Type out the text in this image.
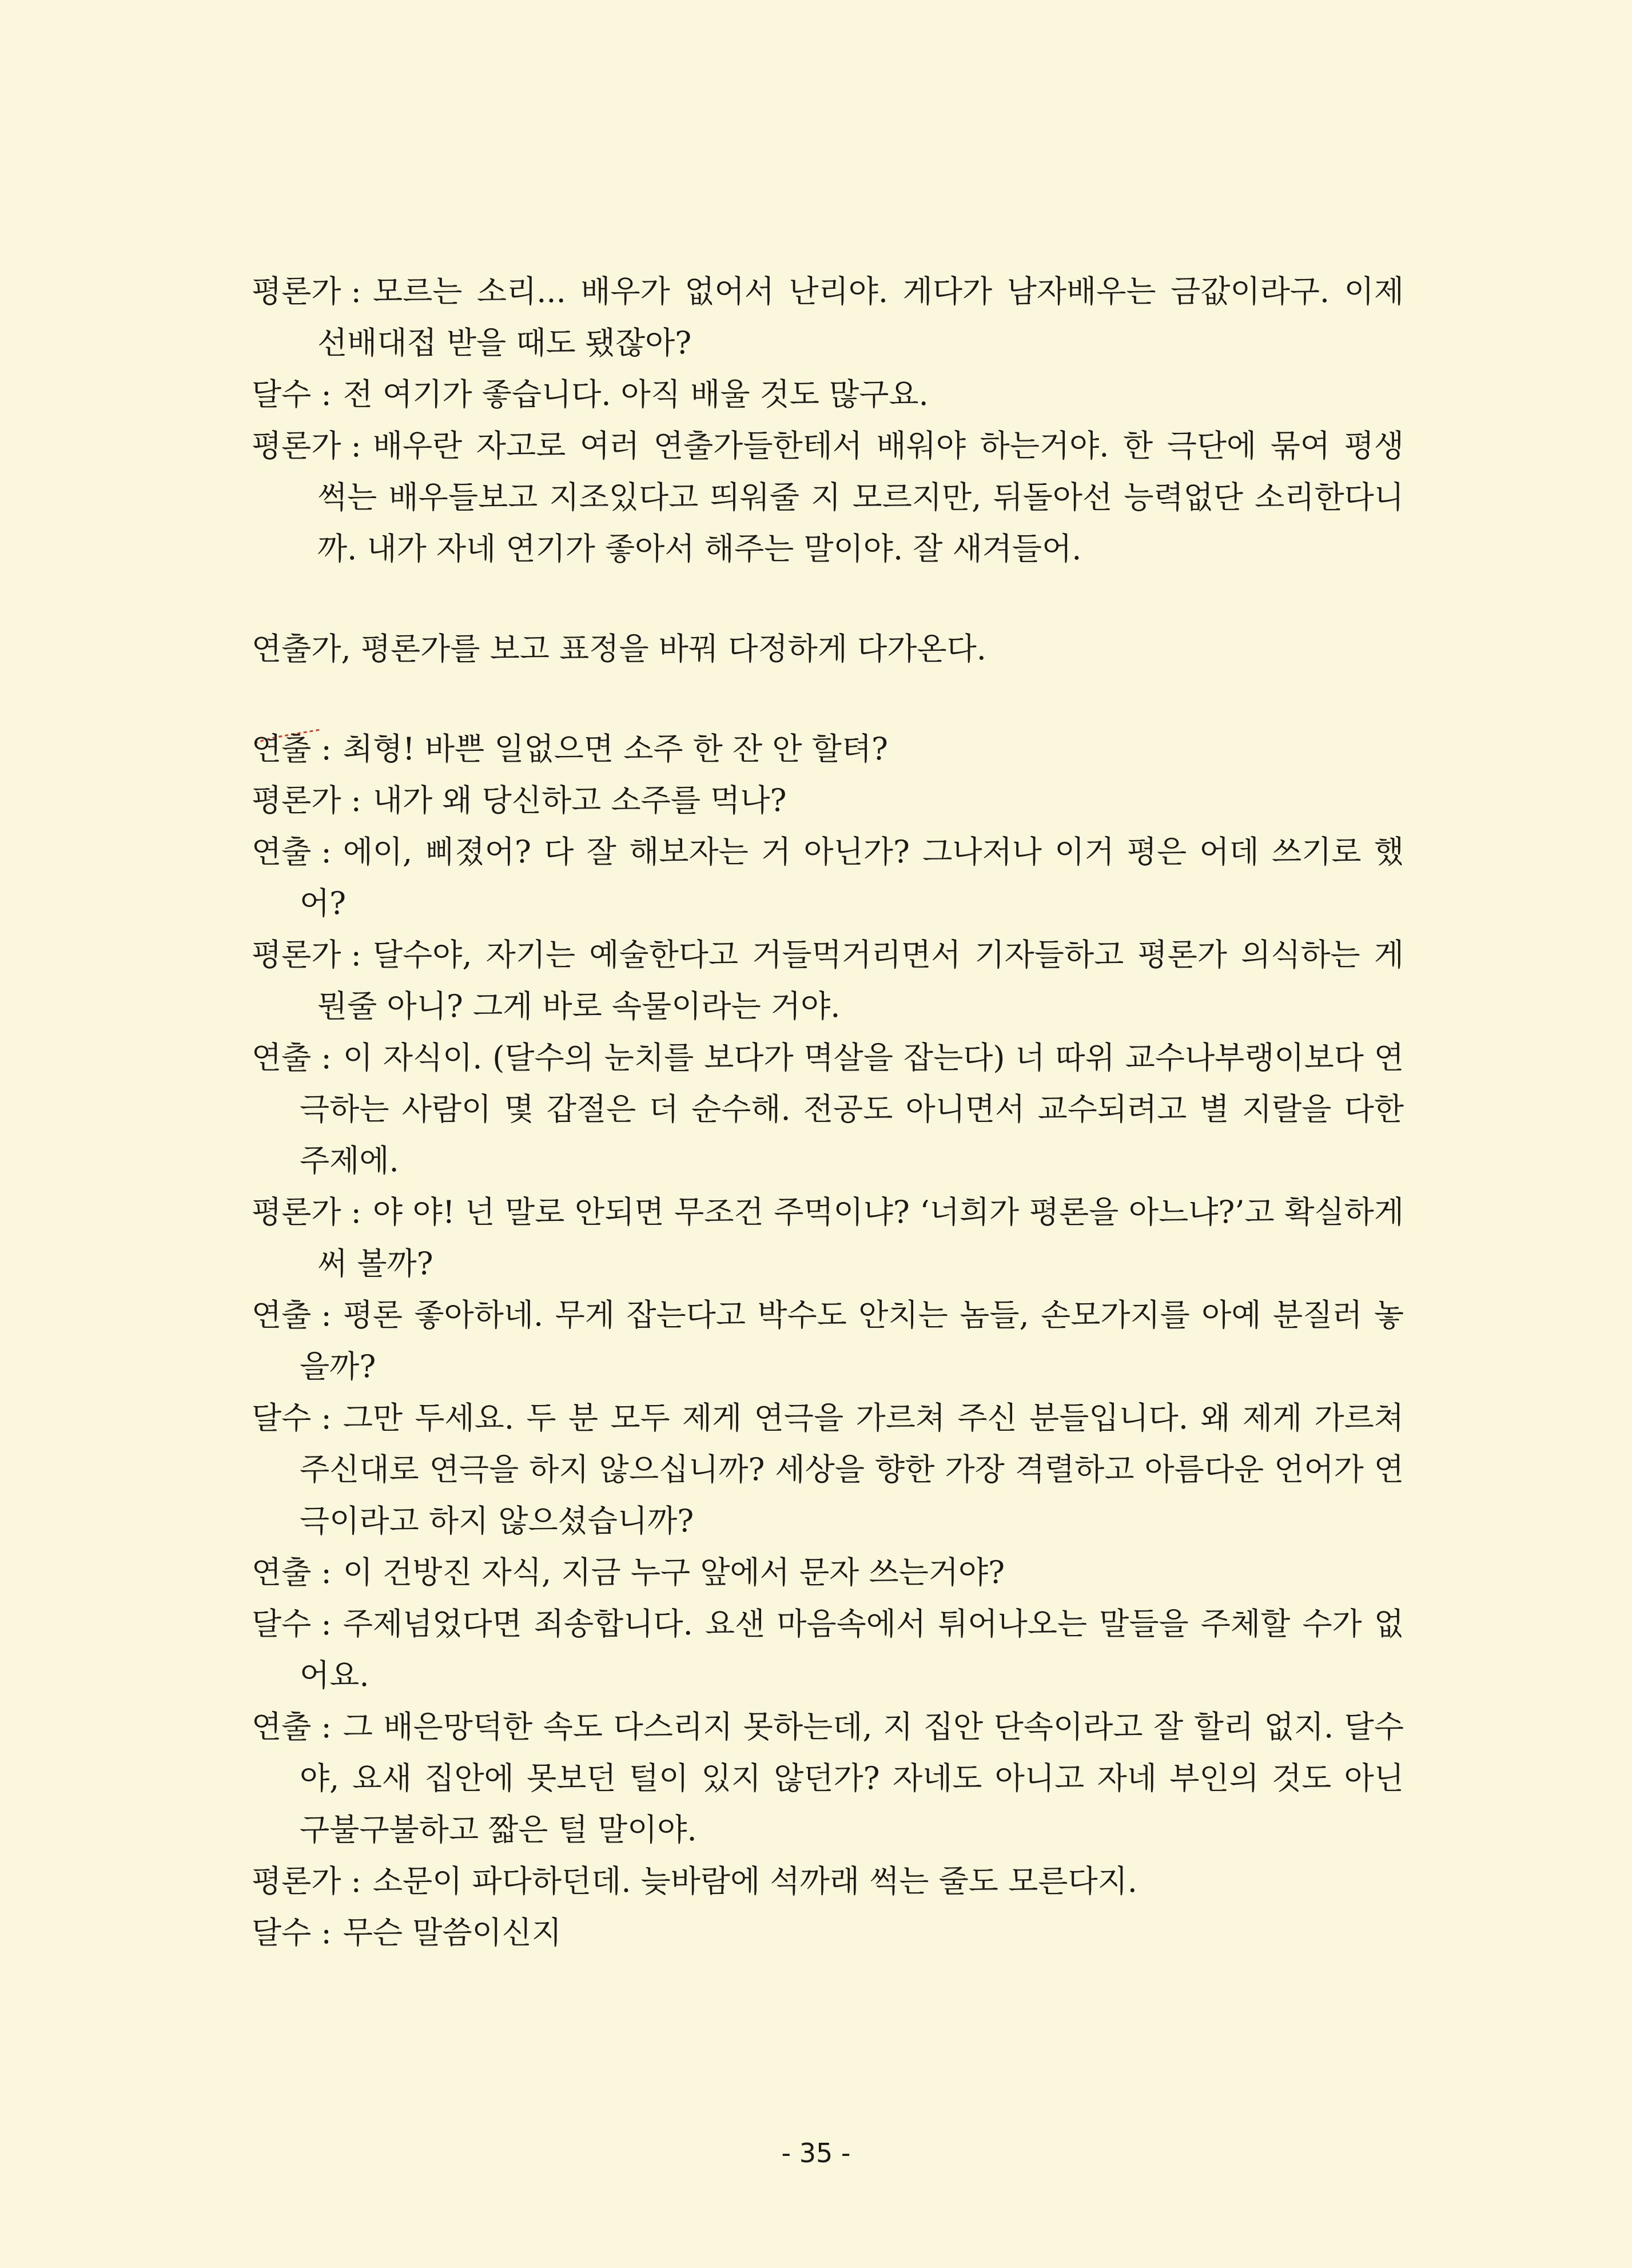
평론가 : 모르는 소리... 배우가 없어서 난리야. 게다가 남자배우는 금값이라구. 이제 선배대접 받을 때도 됐잖아?
달수 : 전 여기가 좋습니다. 아직 배울 것도 많구요.
평론가 : 배우란 자고로 여러 연출가들한테서 배워야 하는거야. 한 극단에 묶여 평생 썩는 배우들보고 지조있다고 띄워줄 지 모르지만, 뒤돌아선 능력없단 소리한다니까. 내가 자네 연기가 좋아서 해주는 말이야. 잘 새겨들어.
연출가, 평론가를 보고 표정을 바꿔 다정하게 다가온다.
연출 : 최형! 바쁜 일없으면 소주 한 잔 안 할텨?
평론가 : 내가 왜 당신하고 소주를 먹나?
연출 : 에이, 삐졌어? 다 잘 해보자는 거 아닌가? 그나저나 이거 평은 어데 쓰기로 했어?
평론가 : 달수야, 자기는 예술한다고 거들먹거리면서 기자들하고 평론가 의식하는 게 뭔줄 아니? 그게 바로 속물이라는 거야.
연출 : 이 자식이. (달수의 눈치를 보다가 멱살을 잡는다) 너 따위 교수나부랭이보다 연극하는 사람이 몇 갑절은 더 순수해. 전공도 아니면서 교수되려고 별 지랄을 다한 주제에.
평론가 : 야 야! 넌 말로 안되면 무조건 주먹이냐? ‘너희가 평론을 아느냐?’고 확실하게 써 볼까?
연출 : 평론 좋아하네. 무게 잡는다고 박수도 안치는 놈들, 손모가지를 아예 분질러 놓을까?
달수 : 그만 두세요. 두 분 모두 제게 연극을 가르쳐 주신 분들입니다. 왜 제게 가르쳐 주신대로 연극을 하지 않으십니까? 세상을 향한 가장 격렬하고 아름다운 언어가 연극이라고 하지 않으셨습니까?
연출 : 이 건방진 자식, 지금 누구 앞에서 문자 쓰는거야?
달수 : 주제넘었다면 죄송합니다. 요샌 마음속에서 튀어나오는 말들을 주체할 수가 없어요.
연출 : 그 배은망덕한 속도 다스리지 못하는데, 지 집안 단속이라고 잘 할리 없지. 달수야, 요새 집안에 못보던 털이 있지 않던가? 자네도 아니고 자네 부인의 것도 아닌 구불구불하고 짧은 털 말이야.
평론가 : 소문이 파다하던데. 늦바람에 석까래 썩는 줄도 모른다지.
달수 : 무슨 말씀이신지
- 35 -
